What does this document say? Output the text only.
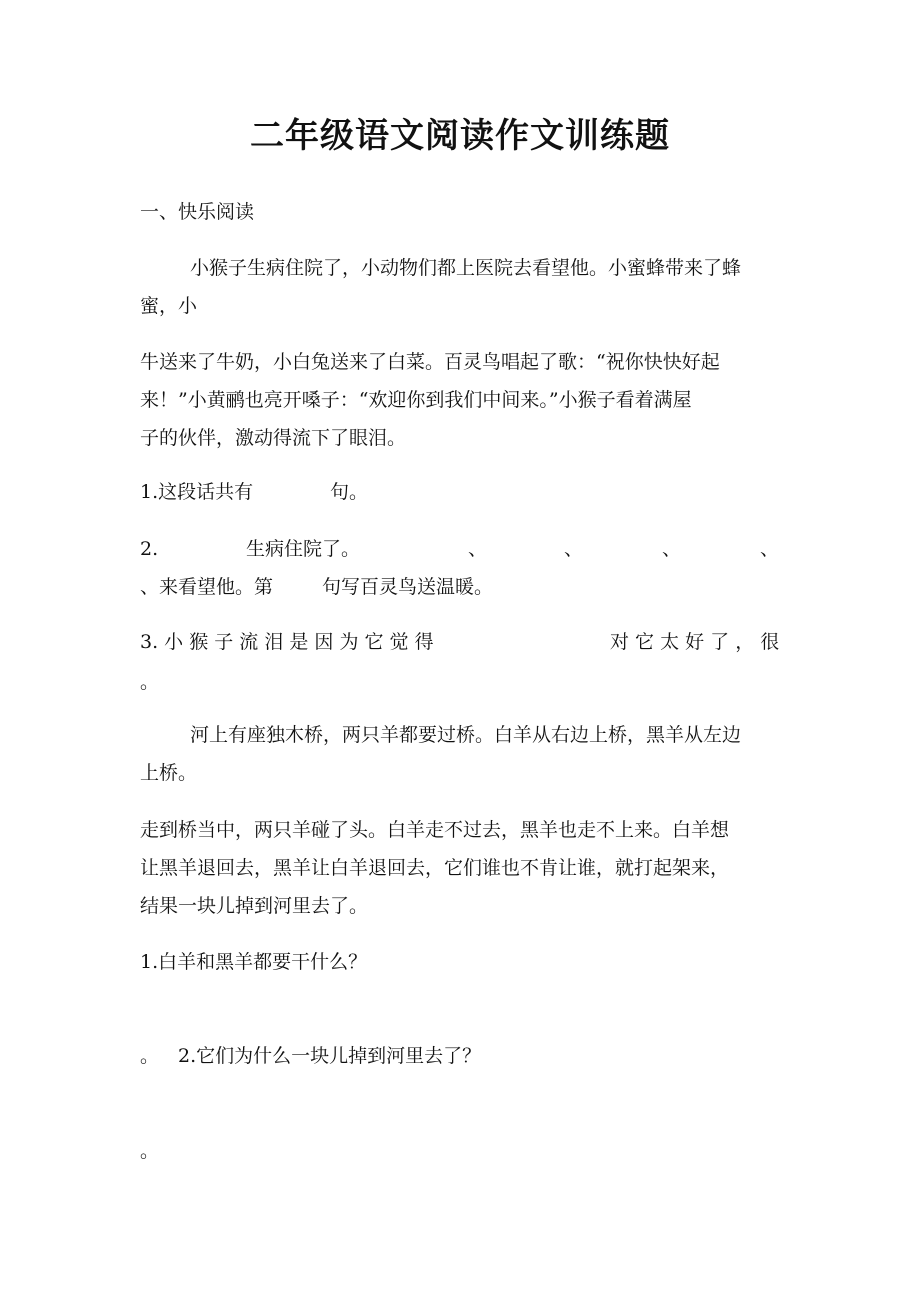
二年级语文阅读作文训练题
一、快乐阅读
小猴子生病住院了，小动物们都上医院去看望他。小蜜蜂带来了蜂
蜜，小
牛送来了牛奶，小白兔送来了白菜。百灵鸟唱起了歌：“祝你快快好起
来！”小黄鹂也亮开嗓子：“欢迎你到我们中间来。”小猴子看着满屋
子的伙伴，激动得流下了眼泪。
1.这段话共有	句。
2.	生病住院了。	、	、	、	、
、来看望他。第	句写百灵鸟送温暖。
3. 小 猴 子 流 泪 是 因 为 它 觉 得	对 它 太 好 了 ， 很
。
河上有座独木桥，两只羊都要过桥。白羊从右边上桥，黑羊从左边
上桥。
走到桥当中，两只羊碰了头。白羊走不过去，黑羊也走不上来。白羊想
让黑羊退回去，黑羊让白羊退回去，它们谁也不肯让谁，就打起架来，
结果一块儿掉到河里去了。
1.白羊和黑羊都要干什么？
。 2.它们为什么一块儿掉到河里去了？
。
